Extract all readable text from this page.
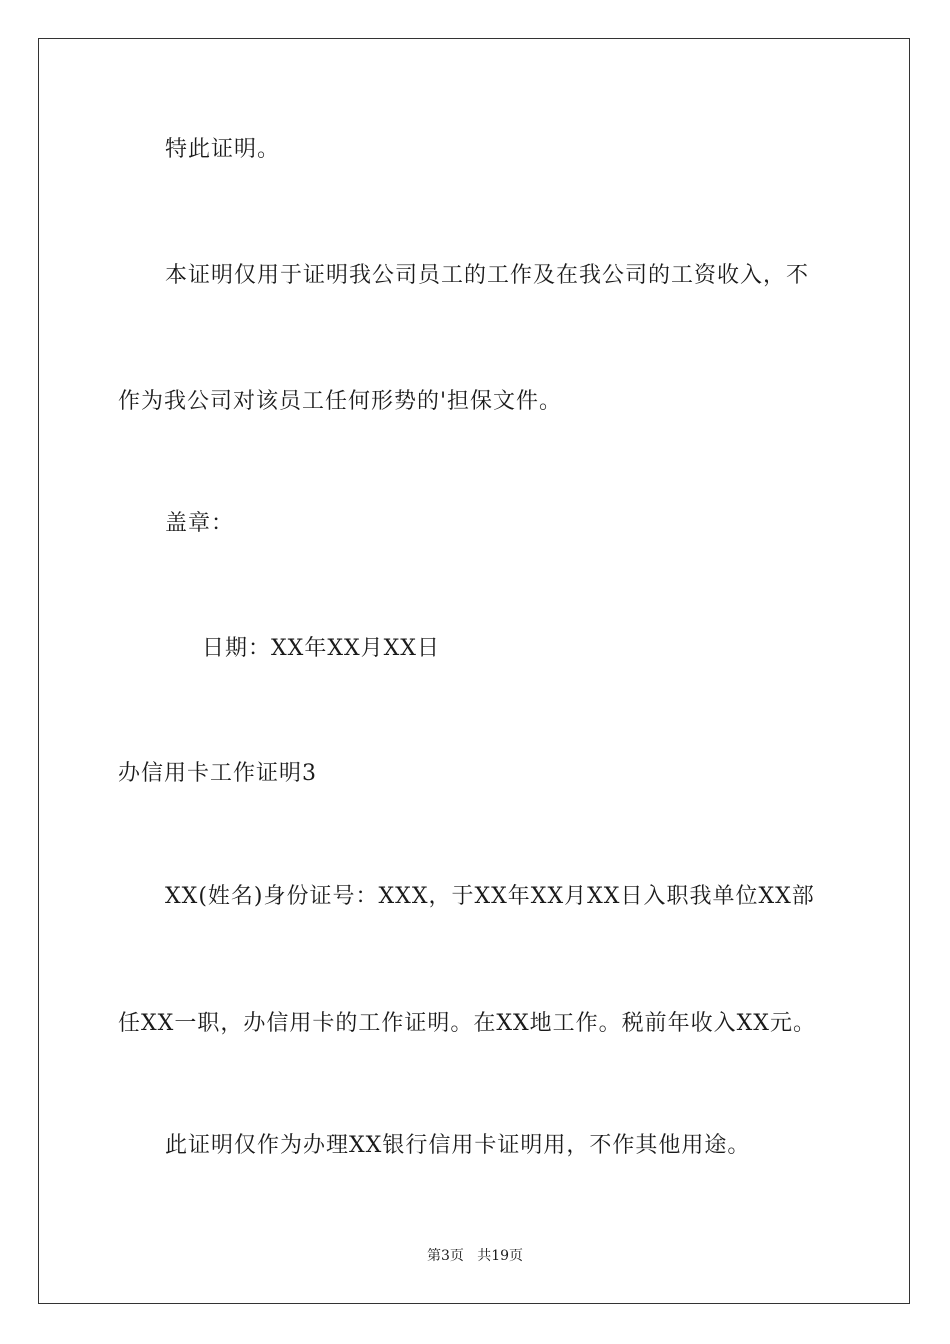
特此证明。
本证明仅用于证明我公司员工的工作及在我公司的工资收入，不
作为我公司对该员工任何形势的'担保文件。
盖章：
日期：XX年XX月XX日
办信用卡工作证明3
XX(姓名)身份证号：XXX，于XX年XX月XX日入职我单位XX部
任XX一职，办信用卡的工作证明。在XX地工作。税前年收入XX元。
此证明仅作为办理XX银行信用卡证明用，不作其他用途。
第3页   共19页
